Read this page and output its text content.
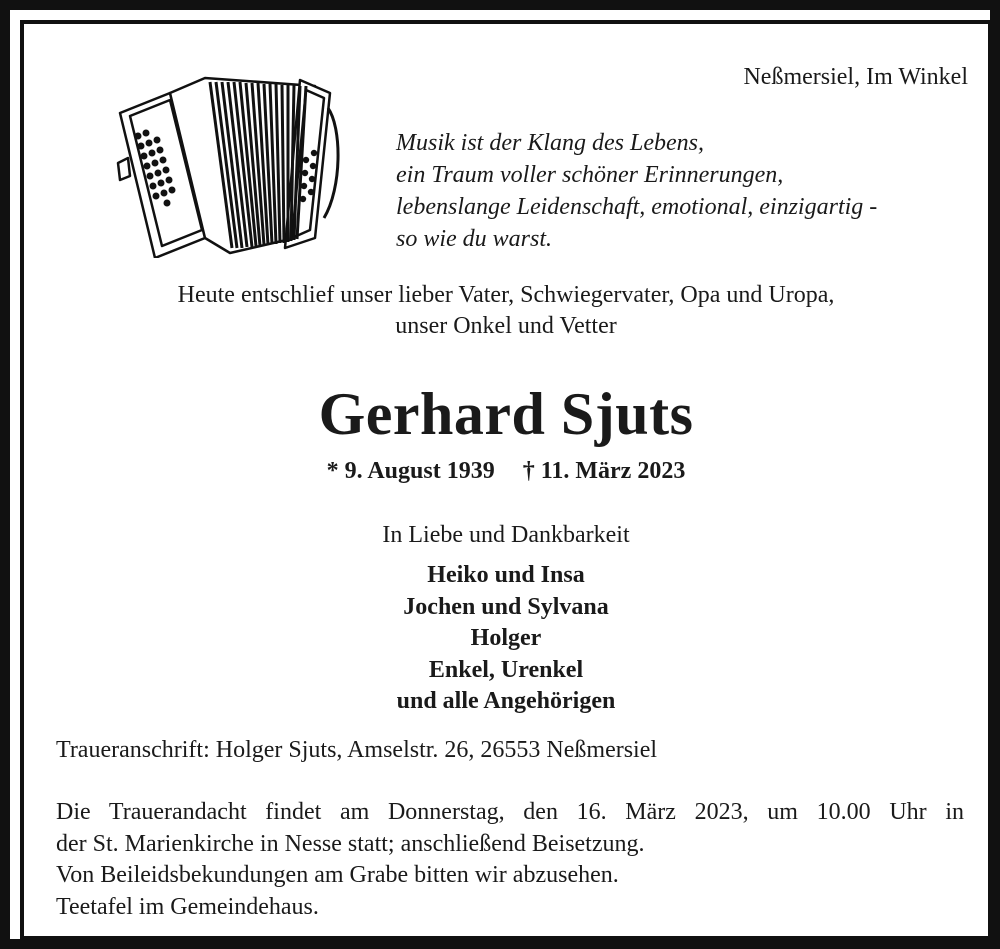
Neßmersiel, Im Winkel
Musik ist der Klang des Lebens,
ein Traum voller schöner Erinnerungen,
lebenslange Leidenschaft, emotional, einzigartig -
so wie du warst.
Heute entschlief unser lieber Vater, Schwiegervater, Opa und Uropa,
unser Onkel und Vetter
Gerhard Sjuts
* 9. August 1939 † 11. März 2023
In Liebe und Dankbarkeit
Heiko und Insa
Jochen und Sylvana
Holger
Enkel, Urenkel
und alle Angehörigen
Traueranschrift: Holger Sjuts, Amselstr. 26, 26553 Neßmersiel
Die Trauerandacht findet am Donnerstag, den 16. März 2023, um 10.00 Uhr in
der St. Marienkirche in Nesse statt; anschließend Beisetzung.
Von Beileidsbekundungen am Grabe bitten wir abzusehen.
Teetafel im Gemeindehaus.
